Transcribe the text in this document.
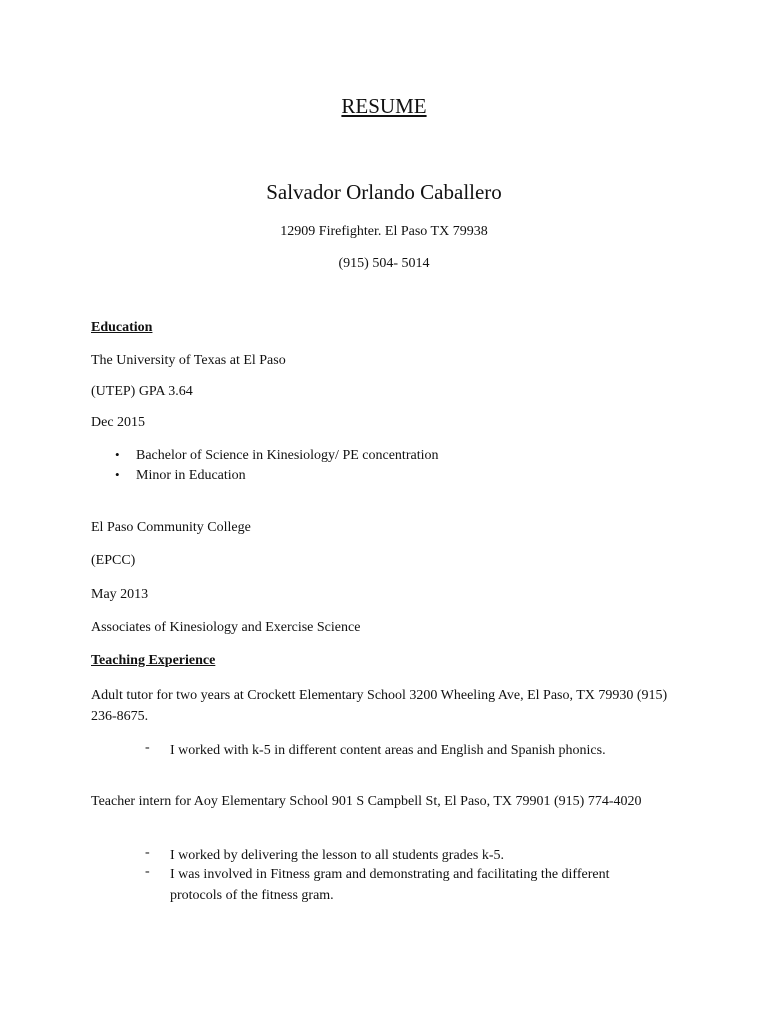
RESUME
Salvador Orlando Caballero
12909 Firefighter. El Paso TX 79938
(915) 504- 5014
Education
The University of Texas at El Paso
(UTEP) GPA 3.64
Dec 2015
• Bachelor of Science in Kinesiology/ PE concentration
• Minor in Education
El Paso Community College
(EPCC)
May 2013
Associates of Kinesiology and Exercise Science
Teaching Experience
Adult tutor for two years at Crockett Elementary School 3200 Wheeling Ave, El Paso, TX 79930 (915) 236-8675.
- I worked with k-5 in different content areas and English and Spanish phonics.
Teacher intern for Aoy Elementary School 901 S Campbell St, El Paso, TX 79901 (915) 774-4020
- I worked by delivering the lesson to all students grades k-5.
- I was involved in Fitness gram and demonstrating and facilitating the different protocols of the fitness gram.
